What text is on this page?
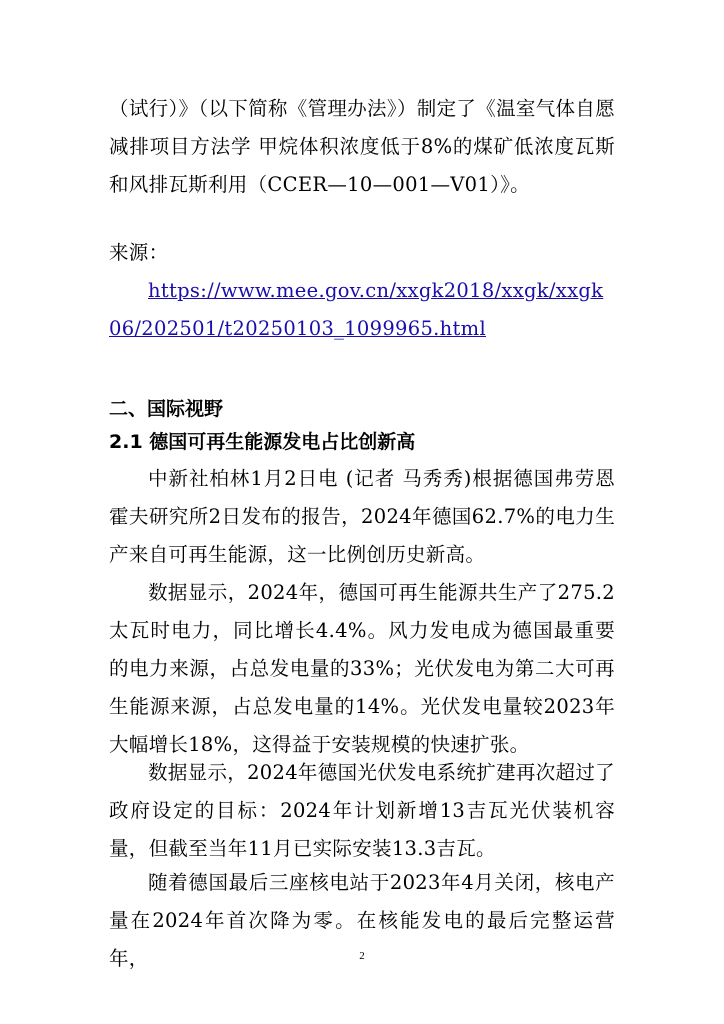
（试行）》（以下简称《管理办法》）制定了《温室气体自愿减排项目方法学 甲烷体积浓度低于8%的煤矿低浓度瓦斯和风排瓦斯利用（CCER—10—001—V01）》。

来源：

https://www.mee.gov.cn/xxgk2018/xxgk/xxgk06/202501/t20250103_1099965.html

二、国际视野
2.1 德国可再生能源发电占比创新高

中新社柏林1月2日电 (记者 马秀秀)根据德国弗劳恩霍夫研究所2日发布的报告，2024年德国62.7%的电力生产来自可再生能源，这一比例创历史新高。

数据显示，2024年，德国可再生能源共生产了275.2太瓦时电力，同比增长4.4%。风力发电成为德国最重要的电力来源，占总发电量的33%；光伏发电为第二大可再生能源来源，占总发电量的14%。光伏发电量较2023年大幅增长18%，这得益于安装规模的快速扩张。

数据显示，2024年德国光伏发电系统扩建再次超过了政府设定的目标：2024年计划新增13吉瓦光伏装机容量，但截至当年11月已实际安装13.3吉瓦。

随着德国最后三座核电站于2023年4月关闭，核电产量在2024年首次降为零。在核能发电的最后完整运营年，	2
